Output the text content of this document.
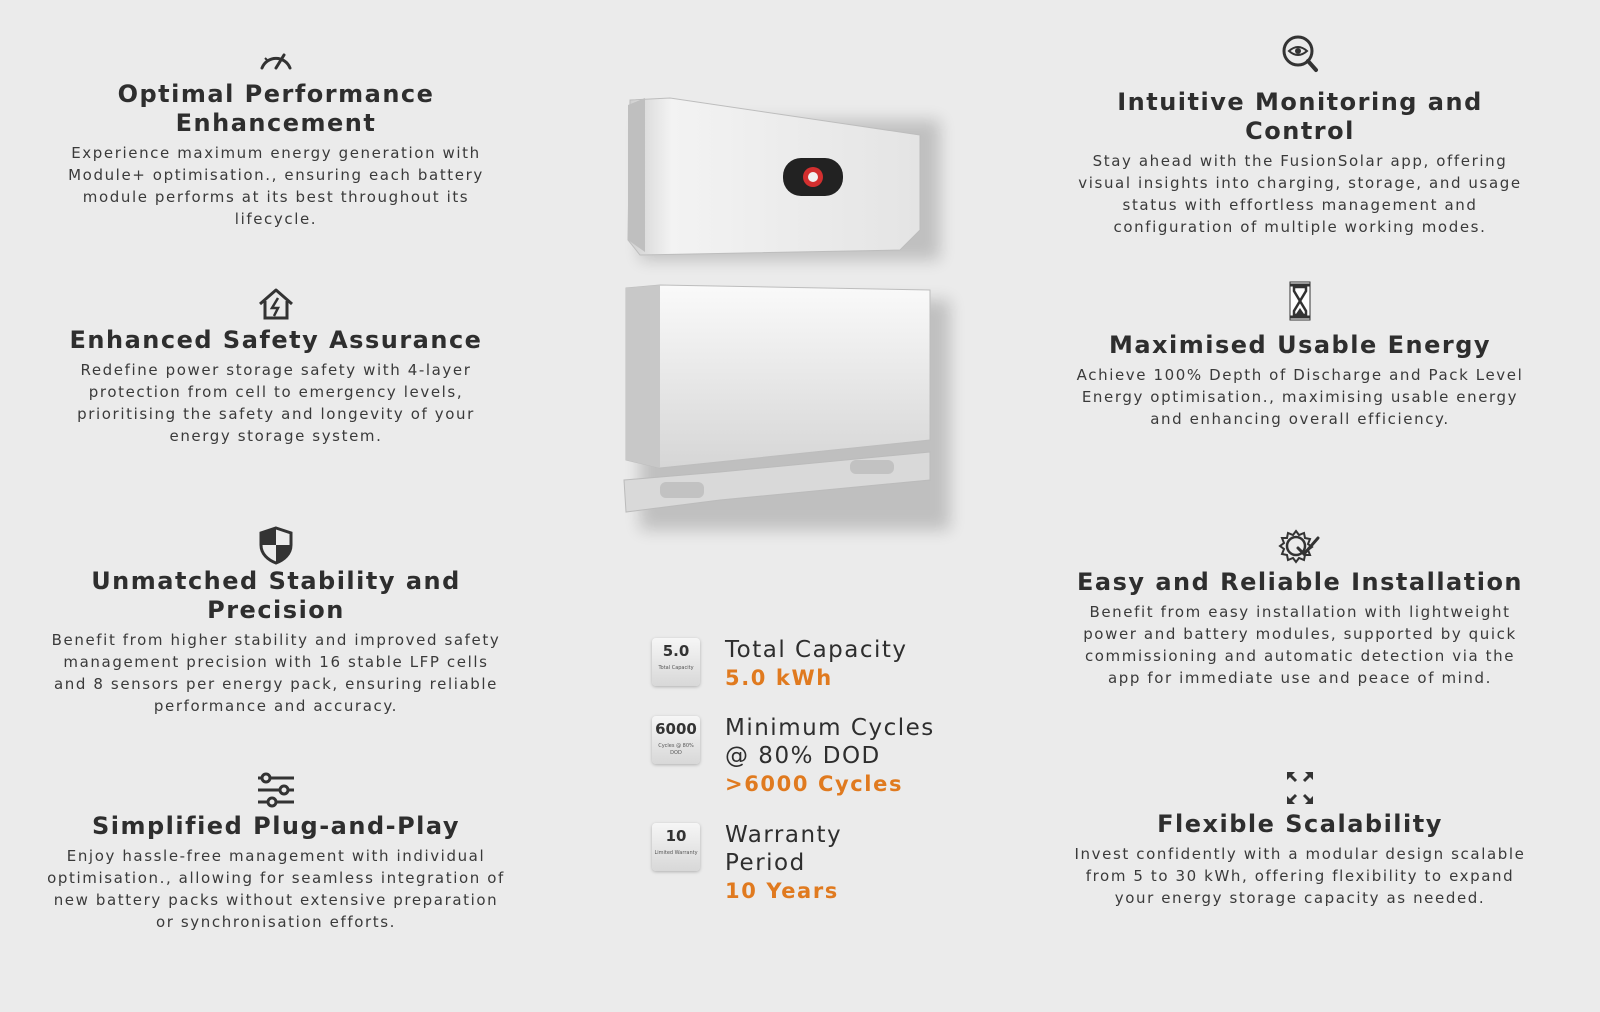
Optimal Performance Enhancement

Experience maximum energy generation with Module+ optimisation., ensuring each battery module performs at its best throughout its lifecycle.

Enhanced Safety Assurance

Redefine power storage safety with 4-layer protection from cell to emergency levels, prioritising the safety and longevity of your energy storage system.

Unmatched Stability and Precision

Benefit from higher stability and improved safety management precision with 16 stable LFP cells and 8 sensors per energy pack, ensuring reliable performance and accuracy.

Simplified Plug-and-Play

Enjoy hassle-free management with individual optimisation., allowing for seamless integration of new battery packs without extensive preparation or synchronisation efforts.

5.0
Total Capacity
Total Capacity
5.0 kWh
6000
Cycles @ 80% DOD
Minimum Cycles
@ 80% DOD
>6000 Cycles
10
Limited Warranty
Warranty
Period
10 Years
Intuitive Monitoring and Control

Stay ahead with the FusionSolar app, offering visual insights into charging, storage, and usage status with effortless management and configuration of multiple working modes.

Maximised Usable Energy

Achieve 100% Depth of Discharge and Pack Level Energy optimisation., maximising usable energy and enhancing overall efficiency.

Easy and Reliable Installation

Benefit from easy installation with lightweight power and battery modules, supported by quick commissioning and automatic detection via the app for immediate use and peace of mind.

Flexible Scalability

Invest confidently with a modular design scalable from 5 to 30 kWh, offering flexibility to expand your energy storage capacity as needed.
